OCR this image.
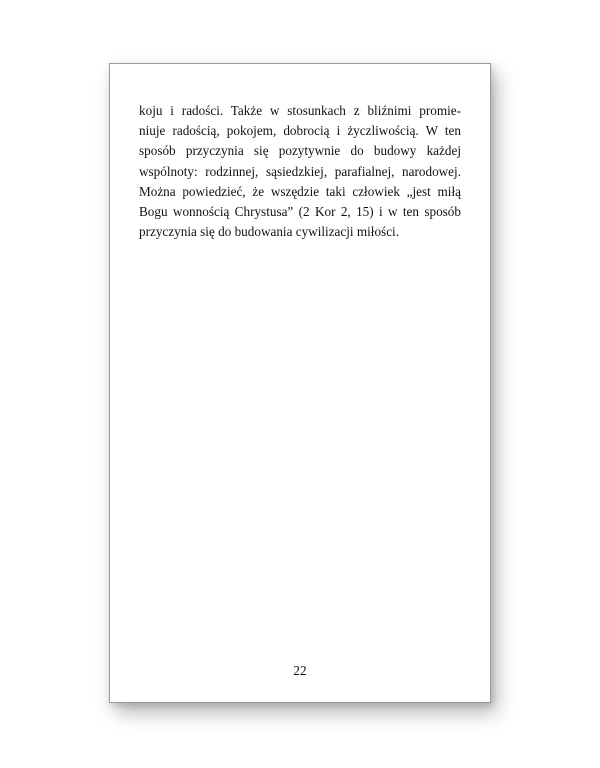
koju i radości. Także w stosunkach z bliźnimi promie-
niuje radością, pokojem, dobrocią i życzliwością. W ten
sposób przyczynia się pozytywnie do budowy każdej
wspólnoty: rodzinnej, sąsiedzkiej, parafialnej, narodowej.
Można powiedzieć, że wszędzie taki człowiek „jest miłą
Bogu wonnością Chrystusa” (2 Kor 2, 15) i w ten sposób
przyczynia się do budowania cywilizacji miłości.

22
